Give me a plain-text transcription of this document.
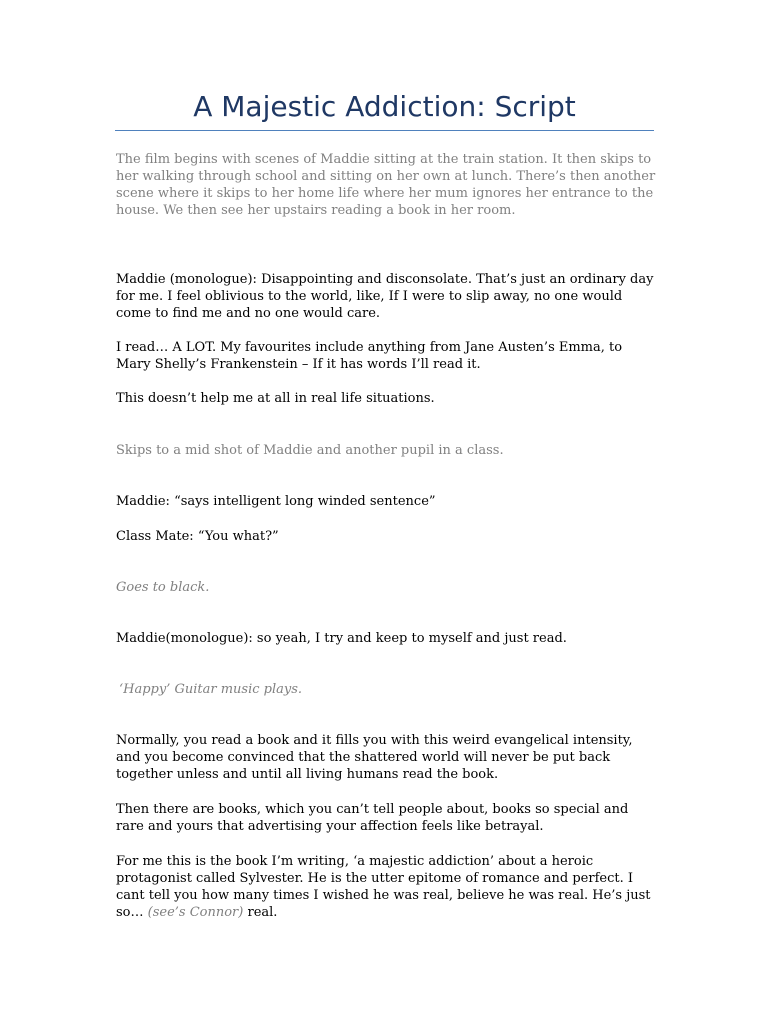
A Majestic Addiction: Script

The film begins with scenes of Maddie sitting at the train station. It then skips to her walking through school and sitting on her own at lunch. There’s then another scene where it skips to her home life where her mum ignores her entrance to the house. We then see her upstairs reading a book in her room.

Maddie (monologue): Disappointing and disconsolate. That’s just an ordinary day for me. I feel oblivious to the world, like, If I were to slip away, no one would come to find me and no one would care.

I read… A LOT. My favourites include anything from Jane Austen’s Emma, to Mary Shelly’s Frankenstein – If it has words I’ll read it.

This doesn’t help me at all in real life situations.

Skips to a mid shot of Maddie and another pupil in a class.

Maddie: “says intelligent long winded sentence”

Class Mate: “You what?”

Goes to black.

Maddie(monologue): so yeah, I try and keep to myself and just read.

‘Happy’ Guitar music plays.

Normally, you read a book and it fills you with this weird evangelical intensity, and you become convinced that the shattered world will never be put back together unless and until all living humans read the book.

Then there are books, which you can’t tell people about, books so special and rare and yours that advertising your affection feels like betrayal.

For me this is the book I’m writing, ‘a majestic addiction’ about a heroic protagonist called Sylvester. He is the utter epitome of romance and perfect. I cant tell you how many times I wished he was real, believe he was real. He’s just so… (see’s Connor) real.
